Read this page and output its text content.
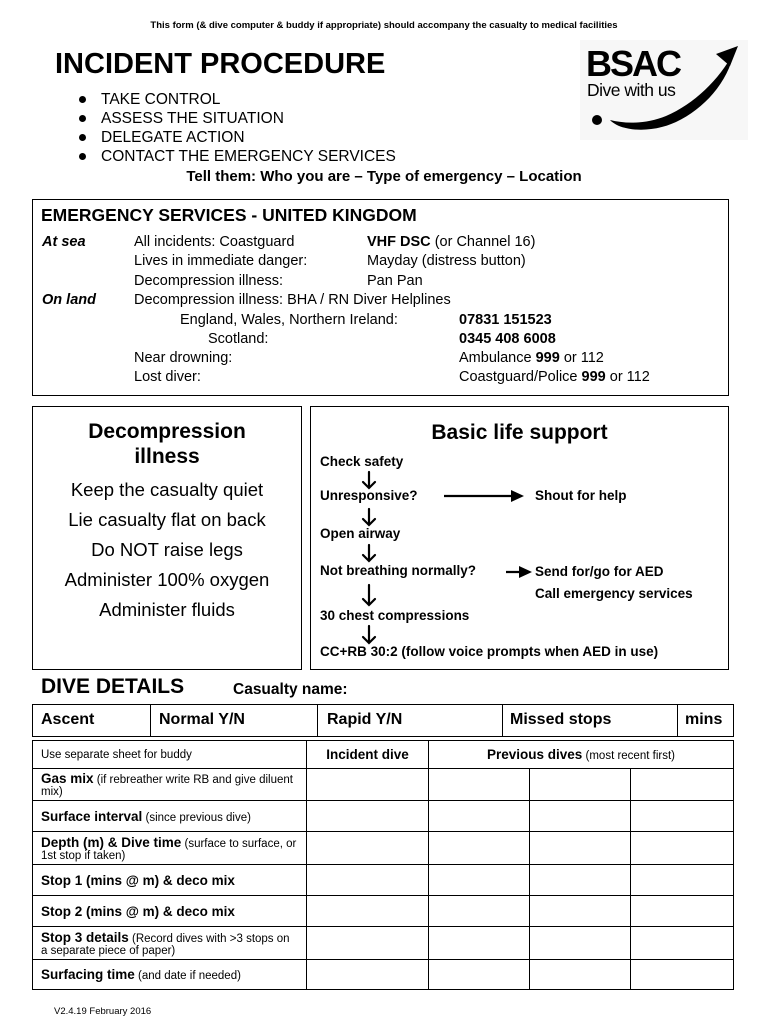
This form (& dive computer & buddy if appropriate) should accompany the casualty to medical facilities
INCIDENT PROCEDURE	BSAC
Dive with us
TAKE CONTROL
ASSESS THE SITUATION
DELEGATE ACTION
CONTACT THE EMERGENCY SERVICES
Tell them: Who you are – Type of emergency – Location
EMERGENCY SERVICES - UNITED KINGDOM
At sea	All incidents: Coastguard	VHF DSC (or Channel 16)
Lives in immediate danger:	Mayday (distress button)
Decompression illness:	Pan Pan
On land	Decompression illness: BHA / RN Diver Helplines
England, Wales, Northern Ireland:	07831 151523
Scotland:	0345 408 6008
Near drowning:	Ambulance 999 or 112
Lost diver:	Coastguard/Police 999 or 112
Decompression
illness
Keep the casualty quiet
Lie casualty flat on back
Do NOT raise legs
Administer 100% oxygen
Administer fluids
Basic life support
Check safety
Unresponsive?	Shout for help
Open airway
Not breathing normally?	Send for/go for AED
Call emergency services
30 chest compressions
CC+RB 30:2 (follow voice prompts when AED in use)
DIVE DETAILS	Casualty name:
Ascent	Normal Y/N	Rapid Y/N	Missed stops	mins
Use separate sheet for buddy	Incident dive	Previous dives (most recent first)		
Gas mix (if rebreather write RB and give diluent mix)				
Surface interval (since previous dive)				
Depth (m) & Dive time (surface to surface, or 1st stop if taken)				
Stop 1 (mins @ m) & deco mix				
Stop 2 (mins @ m) & deco mix				
Stop 3 details (Record dives with >3 stops on a separate piece of paper)				
Surfacing time (and date if needed)				
V2.4.19 February 2016
